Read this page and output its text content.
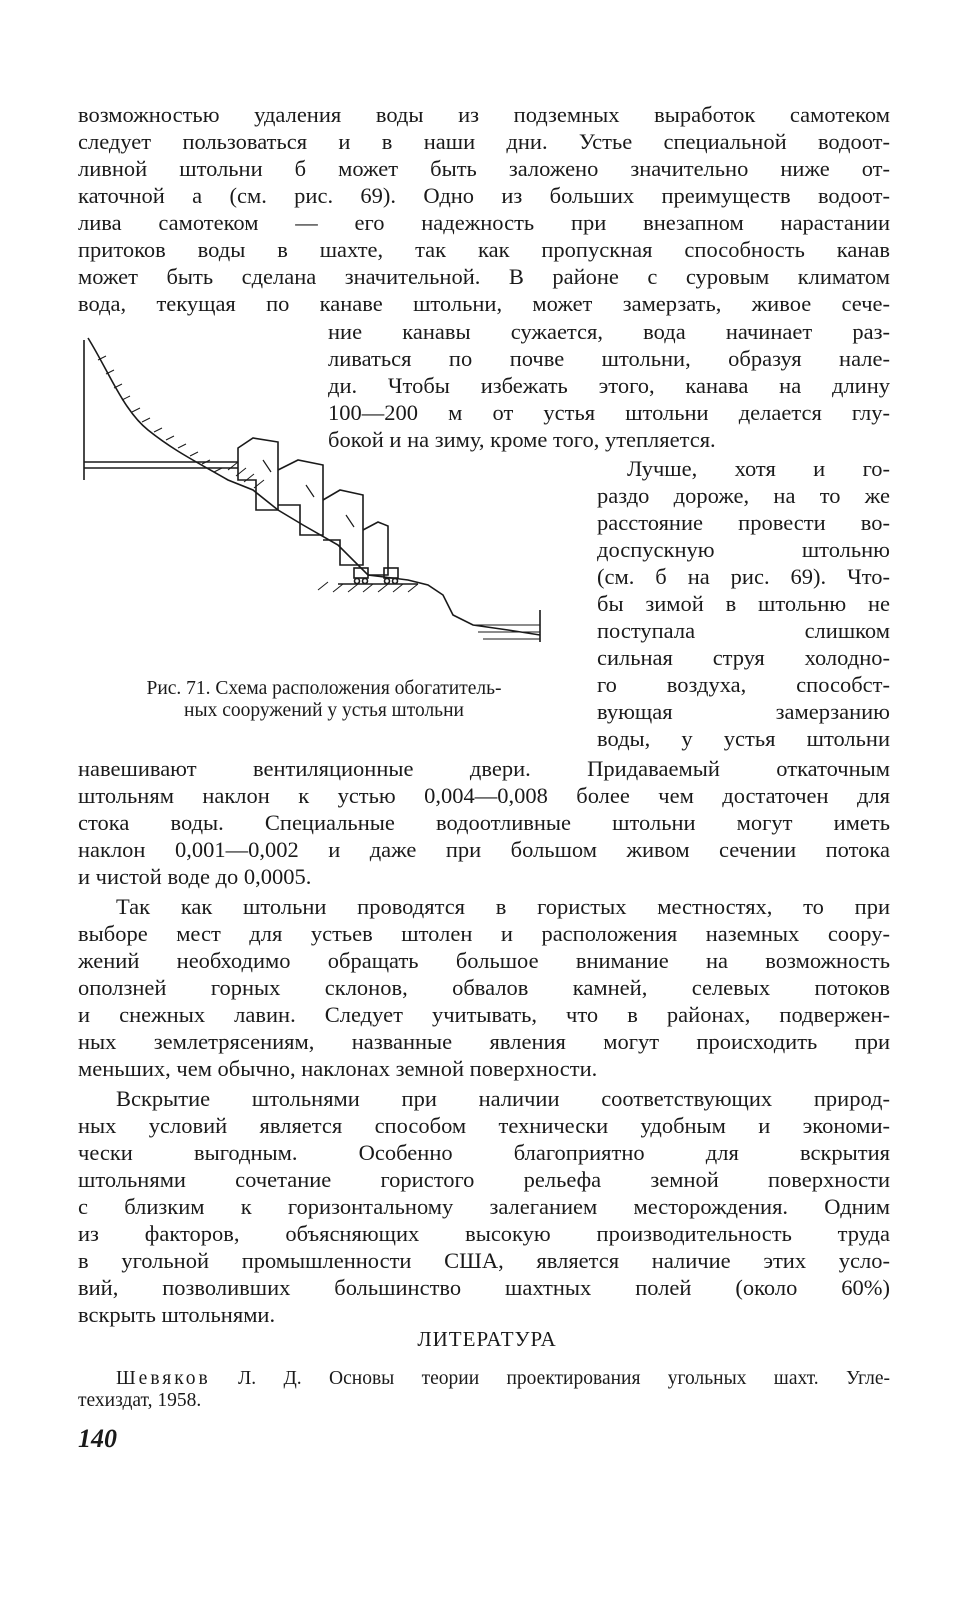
возможностью удаления воды из подземных выработок самотеком
следует пользоваться и в наши дни. Устье специальной водоот-
ливной штольни б может быть заложено значительно ниже от-
каточной а (см. рис. 69). Одно из больших преимуществ водоот-
лива самотеком — его надежность при внезапном нарастании
притоков воды в шахте, так как пропускная способность канав
может быть сделана значительной. В районе с суровым климатом
вода, текущая по канаве штольни, может замерзать, живое сече-
ние канавы сужается, вода начинает раз-
ливаться по почве штольни, образуя нале-
ди. Чтобы избежать этого, канава на длину
100—200 м от устья штольни делается глу-
бокой и на зиму, кроме того, утепляется.
Лучше, хотя и го-
раздо дороже, на то же
расстояние провести во-
доспускную штольню
(см. б на рис. 69). Что-
бы зимой в штольню не
поступала слишком
сильная струя холодно-
го воздуха, способст-
вующая замерзанию
воды, у устья штольни
Рис. 71. Схема расположения обогатитель-
ных сооружений у устья штольни
навешивают вентиляционные двери. Придаваемый откаточным
штольням наклон к устью 0,004—0,008 более чем достаточен для
стока воды. Специальные водоотливные штольни могут иметь
наклон 0,001—0,002 и даже при большом живом сечении потока
и чистой воде до 0,0005.
Так как штольни проводятся в гористых местностях, то при
выборе мест для устьев штолен и расположения наземных соору-
жений необходимо обращать большое внимание на возможность
оползней горных склонов, обвалов камней, селевых потоков
и снежных лавин. Следует учитывать, что в районах, подвержен-
ных землетрясениям, названные явления могут происходить при
меньших, чем обычно, наклонах земной поверхности.
Вскрытие штольнями при наличии соответствующих природ-
ных условий является способом технически удобным и экономи-
чески выгодным. Особенно благоприятно для вскрытия
штольнями сочетание гористого рельефа земной поверхности
с близким к горизонтальному залеганием месторождения. Одним
из факторов, объясняющих высокую производительность труда
в угольной промышленности США, является наличие этих усло-
вий, позволивших большинство шахтных полей (около 60%)
вскрыть штольнями.
ЛИТЕРАТУРА
Шевяков Л. Д. Основы теории проектирования угольных шахт. Угле-
техиздат, 1958.
140
